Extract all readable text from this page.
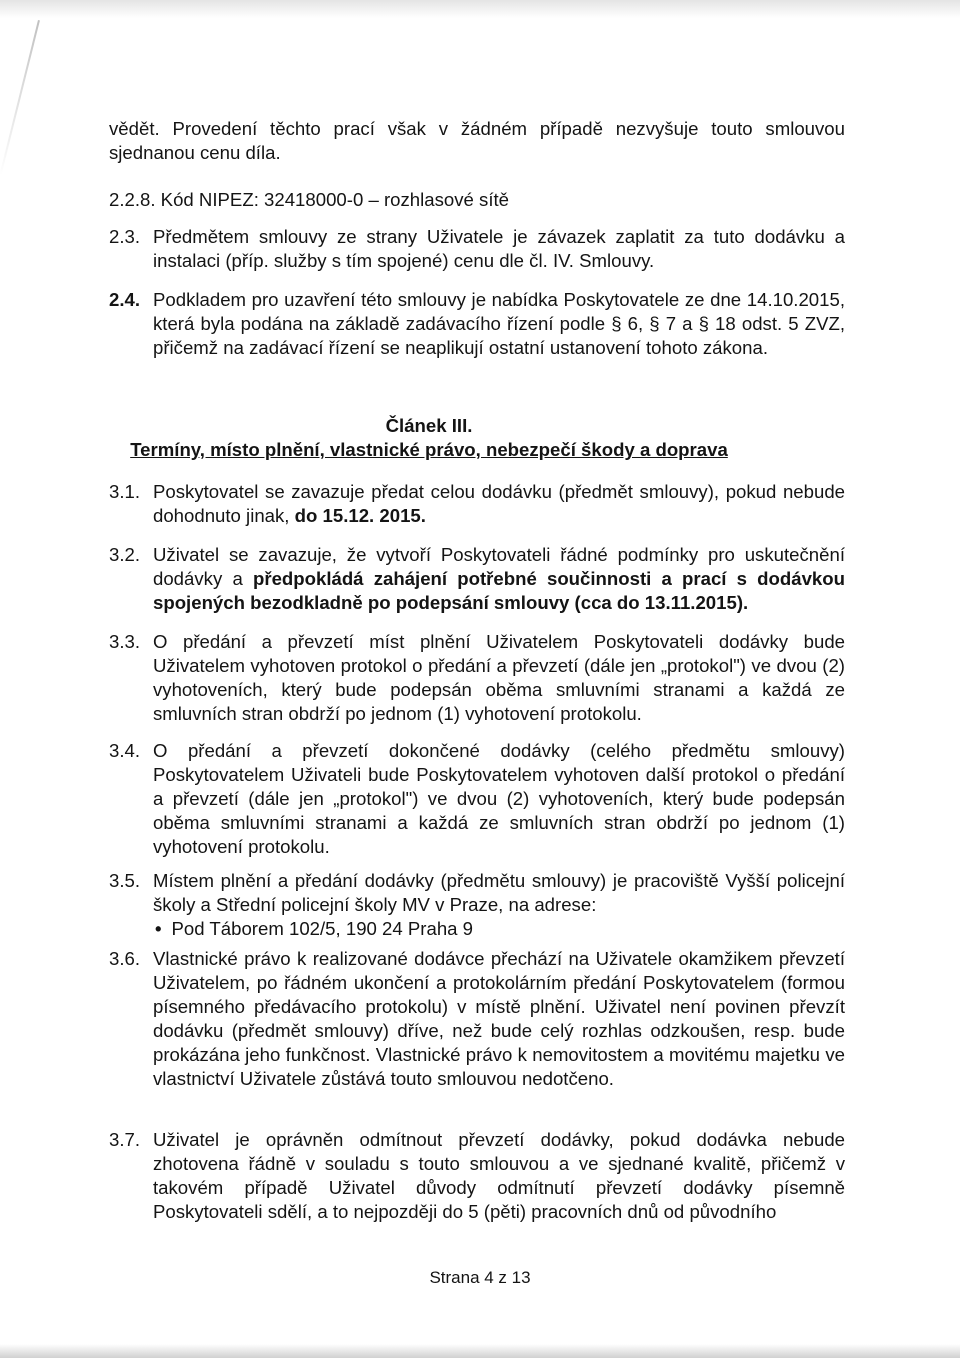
vědět. Provedení těchto prací však v žádném případě nezvyšuje touto smlouvou sjednanou cenu díla.

2.2.8. Kód NIPEZ: 32418000-0 – rozhlasové sítě

2.3. Předmětem smlouvy ze strany Uživatele je závazek zaplatit za tuto dodávku a instalaci (příp. služby s tím spojené) cenu dle čl. IV. Smlouvy.

2.4. Podkladem pro uzavření této smlouvy je nabídka Poskytovatele ze dne 14.10.2015, která byla podána na základě zadávacího řízení podle § 6, § 7 a § 18 odst. 5 ZVZ, přičemž na zadávací řízení se neaplikují ostatní ustanovení tohoto zákona.

Článek III.
Termíny, místo plnění, vlastnické právo, nebezpečí škody a doprava
3.1. Poskytovatel se zavazuje předat celou dodávku (předmět smlouvy), pokud nebude dohodnuto jinak, do 15.12. 2015.

3.2. Uživatel se zavazuje, že vytvoří Poskytovateli řádné podmínky pro uskutečnění dodávky a předpokládá zahájení potřebné součinnosti a prací s dodávkou spojených bezodkladně po podepsání smlouvy (cca do 13.11.2015).

3.3. O předání a převzetí míst plnění Uživatelem Poskytovateli dodávky bude Uživatelem vyhotoven protokol o předání a převzetí (dále jen „protokol") ve dvou (2) vyhotoveních, který bude podepsán oběma smluvními stranami a každá ze smluvních stran obdrží po jednom (1) vyhotovení protokolu.

3.4. O předání a převzetí dokončené dodávky (celého předmětu smlouvy) Poskytovatelem Uživateli bude Poskytovatelem vyhotoven další protokol o předání a převzetí (dále jen „protokol") ve dvou (2) vyhotoveních, který bude podepsán oběma smluvními stranami a každá ze smluvních stran obdrží po jednom (1) vyhotovení protokolu.

3.5. Místem plnění a předání dodávky (předmětu smlouvy) je pracoviště Vyšší policejní školy a Střední policejní školy MV v Praze, na adrese:

• Pod Táborem 102/5, 190 24 Praha 9
3.6. Vlastnické právo k realizované dodávce přechází na Uživatele okamžikem převzetí Uživatelem, po řádném ukončení a protokolárním předání Poskytovatelem (formou písemného předávacího protokolu) v místě plnění. Uživatel není povinen převzít dodávku (předmět smlouvy) dříve, než bude celý rozhlas odzkoušen, resp. bude prokázána jeho funkčnost. Vlastnické právo k nemovitostem a movitému majetku ve vlastnictví Uživatele zůstává touto smlouvou nedotčeno.

3.7. Uživatel je oprávněn odmítnout převzetí dodávky, pokud dodávka nebude zhotovena řádně v souladu s touto smlouvou a ve sjednané kvalitě, přičemž v takovém případě Uživatel důvody odmítnutí převzetí dodávky písemně Poskytovateli sdělí, a to nejpozději do 5 (pěti) pracovních dnů od původního

Strana 4 z 13
